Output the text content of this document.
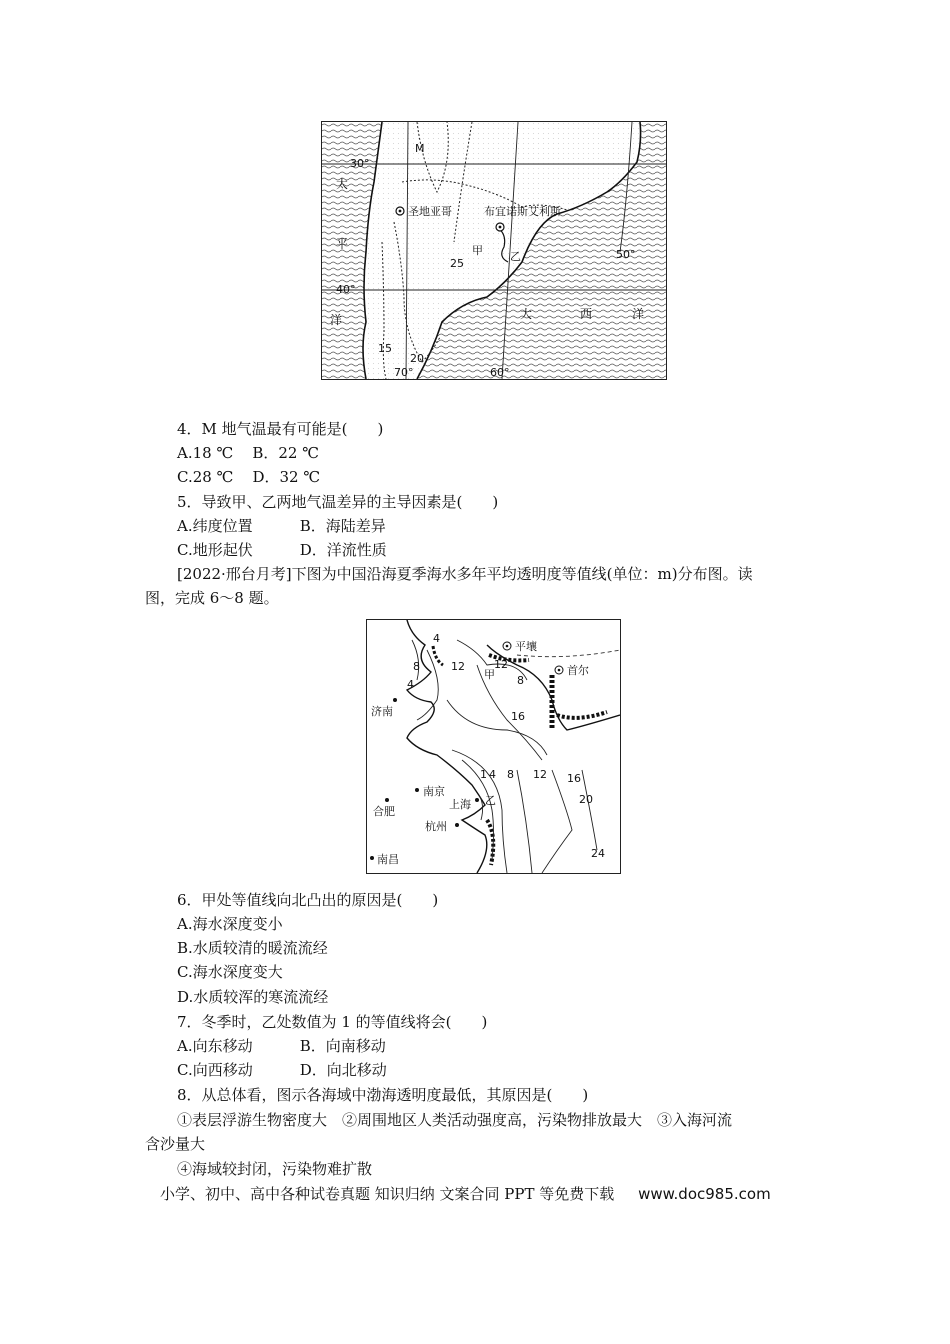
M
30°
太
平
洋
圣地亚哥	布宜诺斯艾利斯
甲 乙
25
20
15
40°
大	西	洋
50°
70°	60°
4．M 地气温最有可能是(　　)
A.18 ℃ B．22 ℃
C.28 ℃ D．32 ℃
5．导致甲、乙两地气温差异的主导因素是(　　)
A.纬度位置	B．海陆差异
C.地形起伏	D．洋流性质
[2022·邢台月考]下图为中国沿海夏季海水多年平均透明度等值线(单位：m)分布图。读
图，完成 6～8 题。
4
8
4
12	12
平壤
首尔
甲 8
济南	16
1 4 8 12 16
南京
上海 乙
合肥
20
杭州
24
南昌
6．甲处等值线向北凸出的原因是(　　)
A.海水深度变小
B.水质较清的暖流流经
C.海水深度变大
D.水质较浑的寒流流经
7．冬季时，乙处数值为 1 的等值线将会(　　)
A.向东移动	B．向南移动
C.向西移动	D．向北移动
8．从总体看，图示各海域中渤海透明度最低，其原因是(　　)
①表层浮游生物密度大　②周围地区人类活动强度高，污染物排放最大　③入海河流
含沙量大
④海域较封闭，污染物难扩散
小学、初中、高中各种试卷真题 知识归纳 文案合同 PPT 等免费下载 www.doc985.com
